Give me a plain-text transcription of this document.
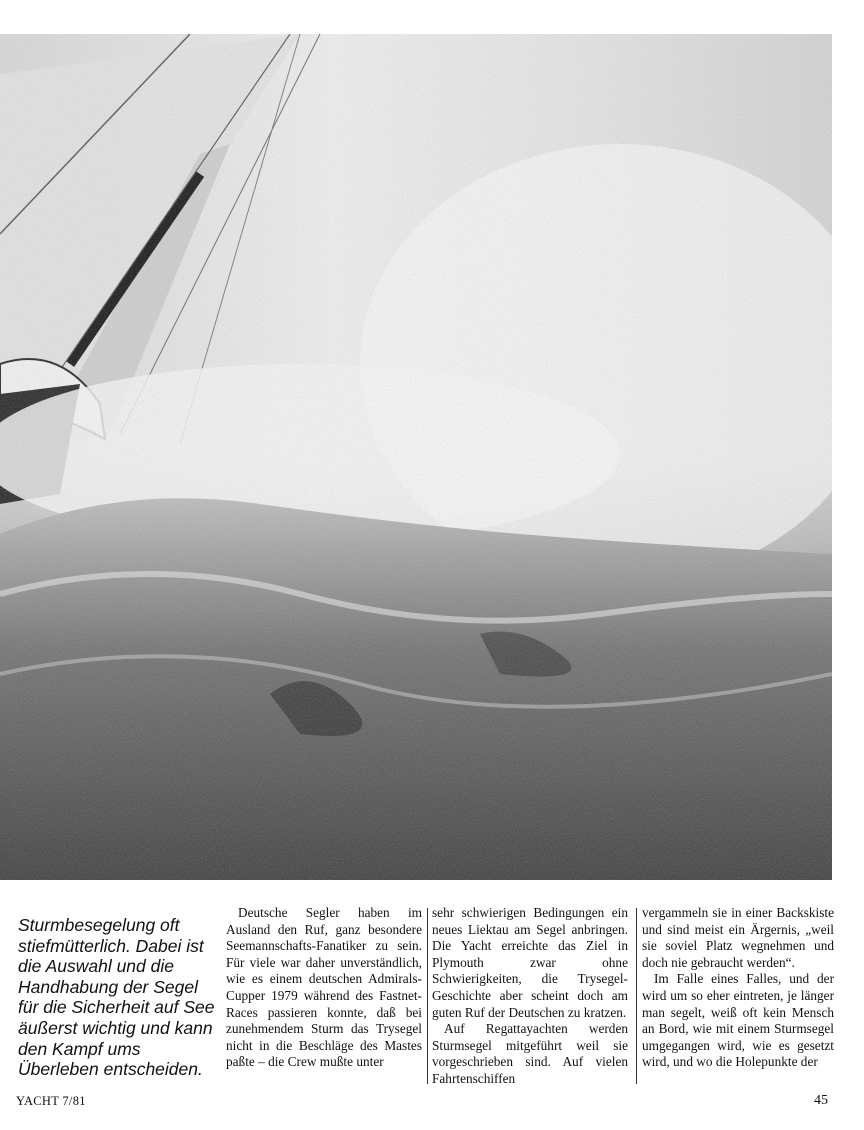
Sturmbesegelung oft stiefmütterlich. Dabei ist die Auswahl und die Handhabung der Segel für die Sicherheit auf See äußerst wichtig und kann den Kampf ums Überleben entscheiden.

Deutsche Segler haben im Ausland den Ruf, ganz besondere Seemannschafts-Fanatiker zu sein. Für viele war daher unverständlich, wie es einem deutschen Admirals-Cupper 1979 während des Fastnet-Races passieren konnte, daß bei zunehmendem Sturm das Trysegel nicht in die Beschläge des Mastes paßte – die Crew mußte unter

sehr schwierigen Bedingungen ein neues Liektau am Segel anbringen. Die Yacht erreichte das Ziel in Plymouth zwar ohne Schwierigkeiten, die Trysegel-Geschichte aber scheint doch am guten Ruf der Deutschen zu kratzen.

Auf Regattayachten werden Sturmsegel mitgeführt weil sie vorgeschrieben sind. Auf vielen Fahrtenschiffen

vergammeln sie in einer Backskiste und sind meist ein Ärgernis, „weil sie soviel Platz wegnehmen und doch nie gebraucht werden“.

Im Falle eines Falles, und der wird um so eher eintreten, je länger man segelt, weiß oft kein Mensch an Bord, wie mit einem Sturmsegel umgegangen wird, wie es gesetzt wird, und wo die Holepunkte der

YACHT 7/81	45
